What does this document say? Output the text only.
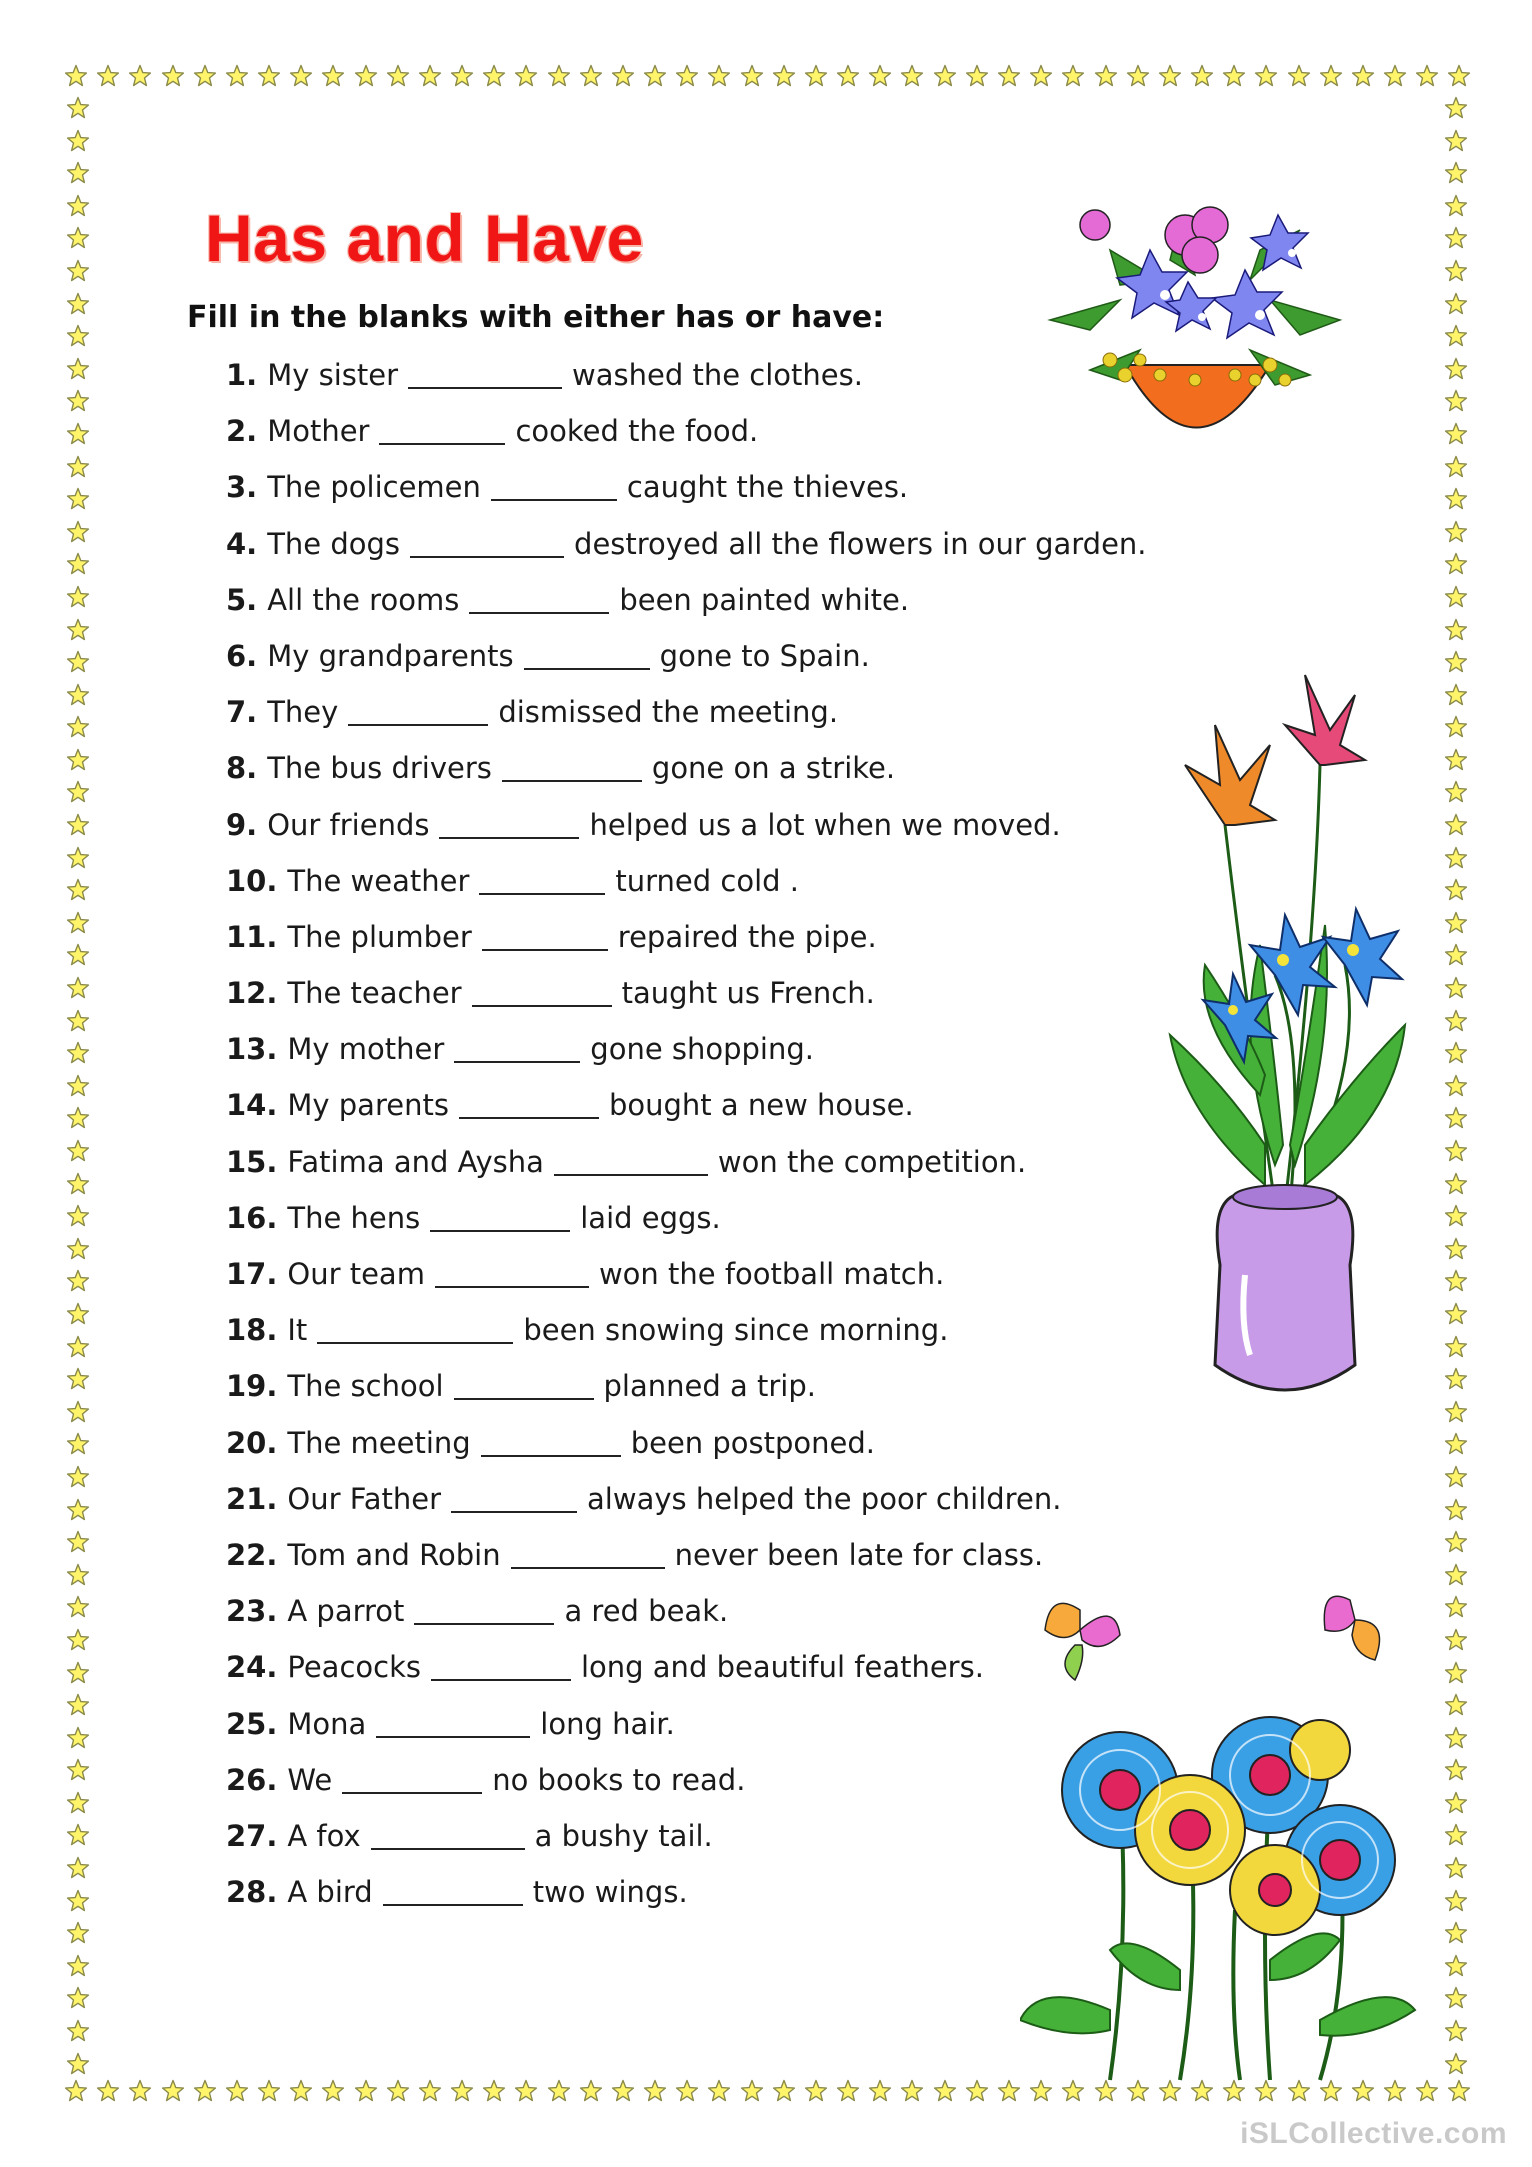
Has and Have
Fill in the blanks with either has or have:
1. My sister	washed the clothes.
2. Mother	cooked the food.
3. The policemen	caught the thieves.
4. The dogs	destroyed all the flowers in our garden.
5. All the rooms	been painted white.
6. My grandparents	gone to Spain.
7. They	dismissed the meeting.
8. The bus drivers	gone on a strike.
9. Our friends	helped us a lot when we moved.
10. The weather	turned cold .
11. The plumber	repaired the pipe.
12. The teacher	taught us French.
13. My mother	gone shopping.
14. My parents	bought a new house.
15. Fatima and Aysha	won the competition.
16. The hens	laid eggs.
17. Our team	won the football match.
18. It	been snowing since morning.
19. The school	planned a trip.
20. The meeting	been postponed.
21. Our Father	always helped the poor children.
22. Tom and Robin	never been late for class.
23. A parrot	a red beak.
24. Peacocks	long and beautiful feathers.
25. Mona	long hair.
26. We	no books to read.
27. A fox	a bushy tail.
28. A bird	two wings.
iSLCollective.com
